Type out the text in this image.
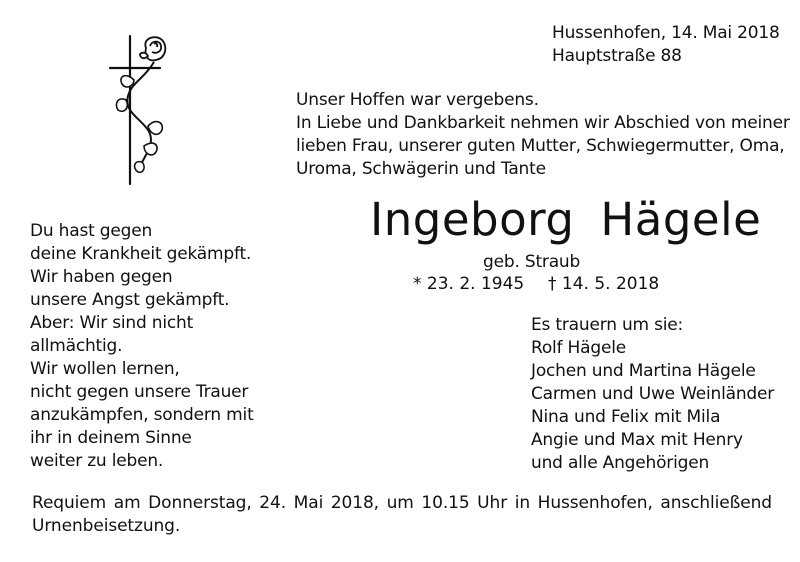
Hussenhofen, 14. Mai 2018
Hauptstraße 88
Unser Hoffen war vergebens.
In Liebe und Dankbarkeit nehmen wir Abschied von meiner
lieben Frau, unserer guten Mutter, Schwiegermutter, Oma,
Uroma, Schwägerin und Tante
Ingeborg Hägele
geb. Straub
* 23. 2. 1945 † 14. 5. 2018
Du hast gegen
deine Krankheit gekämpft.
Wir haben gegen
unsere Angst gekämpft.
Aber: Wir sind nicht
allmächtig.
Wir wollen lernen,
nicht gegen unsere Trauer
anzukämpfen, sondern mit
ihr in deinem Sinne
weiter zu leben.
Es trauern um sie:
Rolf Hägele
Jochen und Martina Hägele
Carmen und Uwe Weinländer
Nina und Felix mit Mila
Angie und Max mit Henry
und alle Angehörigen
Requiem am Donnerstag, 24. Mai 2018, um 10.15 Uhr in Hussenhofen, anschließend Urnenbeisetzung.
